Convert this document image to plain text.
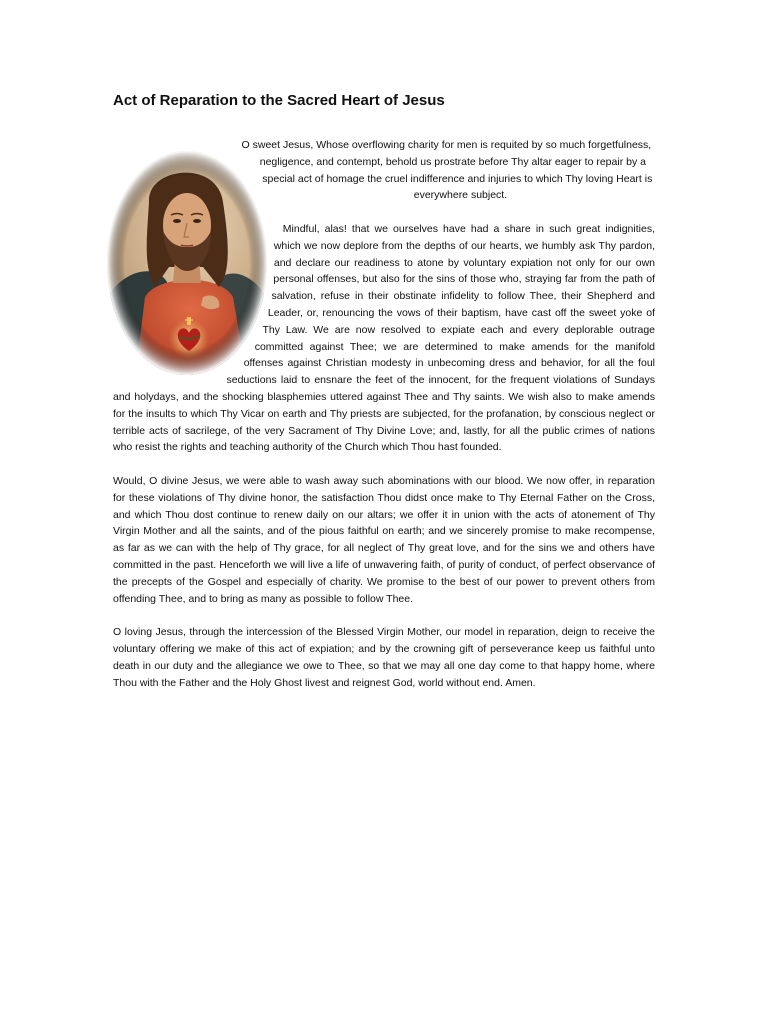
Act of Reparation to the Sacred Heart of Jesus

O sweet Jesus, Whose overflowing charity for men is requited by so much forgetfulness, negligence, and contempt, behold us prostrate before Thy altar eager to repair by a special act of homage the cruel indifference and injuries to which Thy loving Heart is everywhere subject.

Mindful, alas! that we ourselves have had a share in such great indignities, which we now deplore from the depths of our hearts, we humbly ask Thy pardon, and declare our readiness to atone by voluntary expiation not only for our own personal offenses, but also for the sins of those who, straying far from the path of salvation, refuse in their obstinate infidelity to follow Thee, their Shepherd and Leader, or, renouncing the vows of their baptism, have cast off the sweet yoke of Thy Law. We are now resolved to expiate each and every deplorable outrage committed against Thee; we are determined to make amends for the manifold offenses against Christian modesty in unbecoming dress and behavior, for all the foul seductions laid to ensnare the feet of the innocent, for the frequent violations of Sundays and holydays, and the shocking blasphemies uttered against Thee and Thy saints. We wish also to make amends for the insults to which Thy Vicar on earth and Thy priests are subjected, for the profanation, by conscious neglect or terrible acts of sacrilege, of the very Sacrament of Thy Divine Love; and, lastly, for all the public crimes of nations who resist the rights and teaching authority of the Church which Thou hast founded.

Would, O divine Jesus, we were able to wash away such abominations with our blood. We now offer, in reparation for these violations of Thy divine honor, the satisfaction Thou didst once make to Thy Eternal Father on the Cross, and which Thou dost continue to renew daily on our altars; we offer it in union with the acts of atonement of Thy Virgin Mother and all the saints, and of the pious faithful on earth; and we sincerely promise to make recompense, as far as we can with the help of Thy grace, for all neglect of Thy great love, and for the sins we and others have committed in the past. Henceforth we will live a life of unwavering faith, of purity of conduct, of perfect observance of the precepts of the Gospel and especially of charity. We promise to the best of our power to prevent others from offending Thee, and to bring as many as possible to follow Thee.

O loving Jesus, through the intercession of the Blessed Virgin Mother, our model in reparation, deign to receive the voluntary offering we make of this act of expiation; and by the crowning gift of perseverance keep us faithful unto death in our duty and the allegiance we owe to Thee, so that we may all one day come to that happy home, where Thou with the Father and the Holy Ghost livest and reignest God, world without end. Amen.
